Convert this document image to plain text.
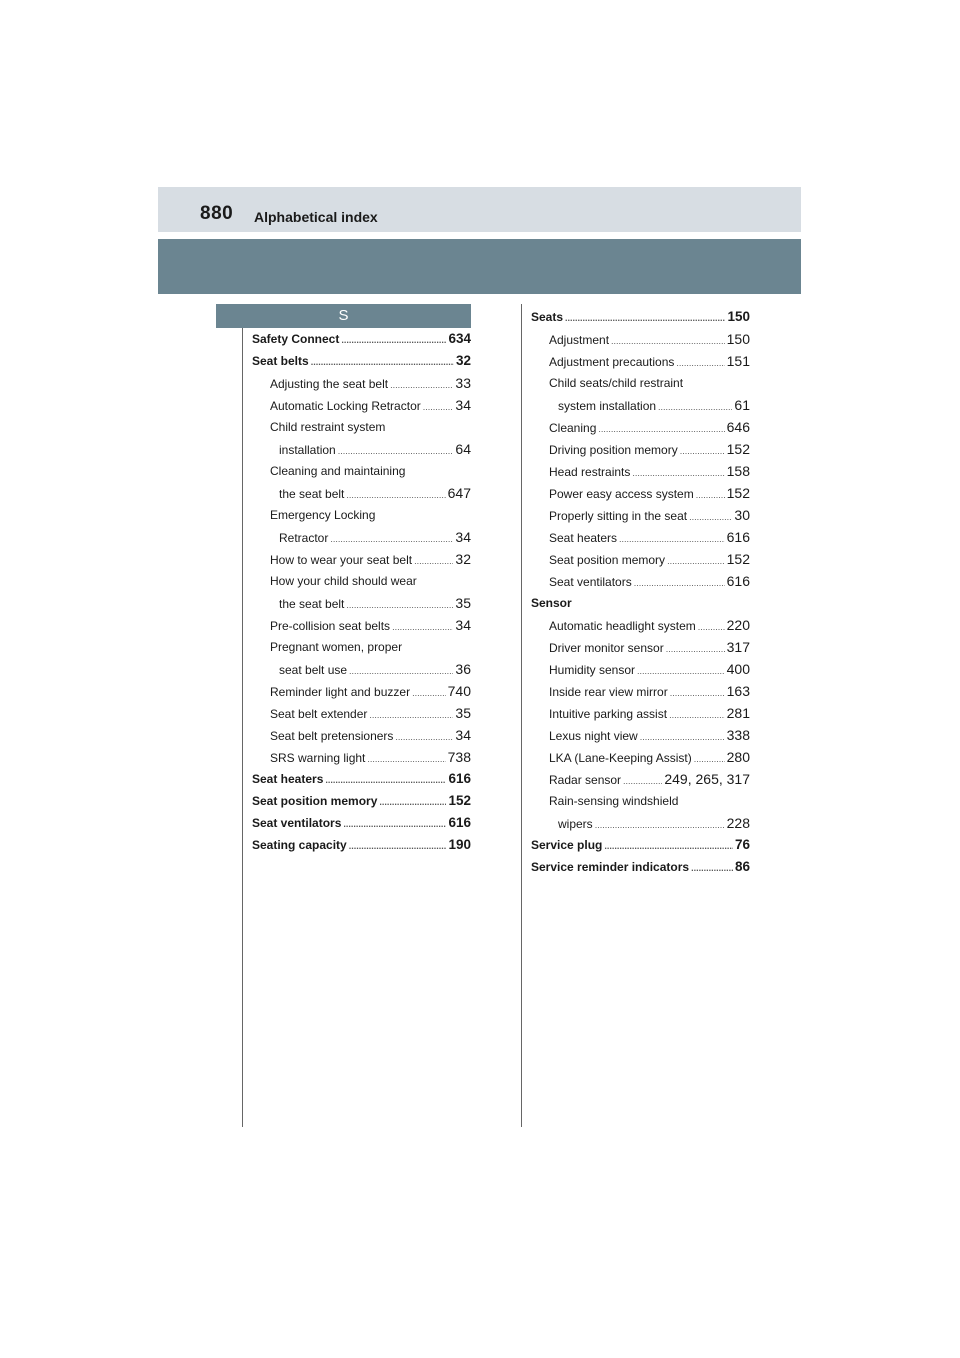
880 Alphabetical index
S
Safety Connect .....	634
Seat belts .....	32
Adjusting the seat belt .....	33
Automatic Locking Retractor ..... 34
Child restraint system
installation .....	64
Cleaning and maintaining
the seat belt .....	647
Emergency Locking
Retractor .....	34
How to wear your seat belt .....	32
How your child should wear
the seat belt .....	35
Pre-collision seat belts .....	34
Pregnant women, proper
seat belt use .....	36
Reminder light and buzzer .....	740
Seat belt extender .....	35
Seat belt pretensioners .....	34
SRS warning light .....	738
Seat heaters .....	616
Seat position memory .....	152
Seat ventilators .....	616
Seating capacity .....	190
Seats .....	150
Adjustment .....	150
Adjustment precautions .....	151
Child seats/child restraint
system installation .....	61
Cleaning .....	646
Driving position memory .....	152
Head restraints .....	158
Power easy access system ..... 152
Properly sitting in the seat .....	30
Seat heaters .....	616
Seat position memory .....	152
Seat ventilators .....	616
Sensor
Automatic headlight system ..... 220
Driver monitor sensor .....	317
Humidity sensor .....	400
Inside rear view mirror .....	163
Intuitive parking assist .....	281
Lexus night view .....	338
LKA (Lane-Keeping Assist) ..... 280
Radar sensor .....	249, 265, 317
Rain-sensing windshield
wipers .....	228
Service plug .....	76
Service reminder indicators .....	86
